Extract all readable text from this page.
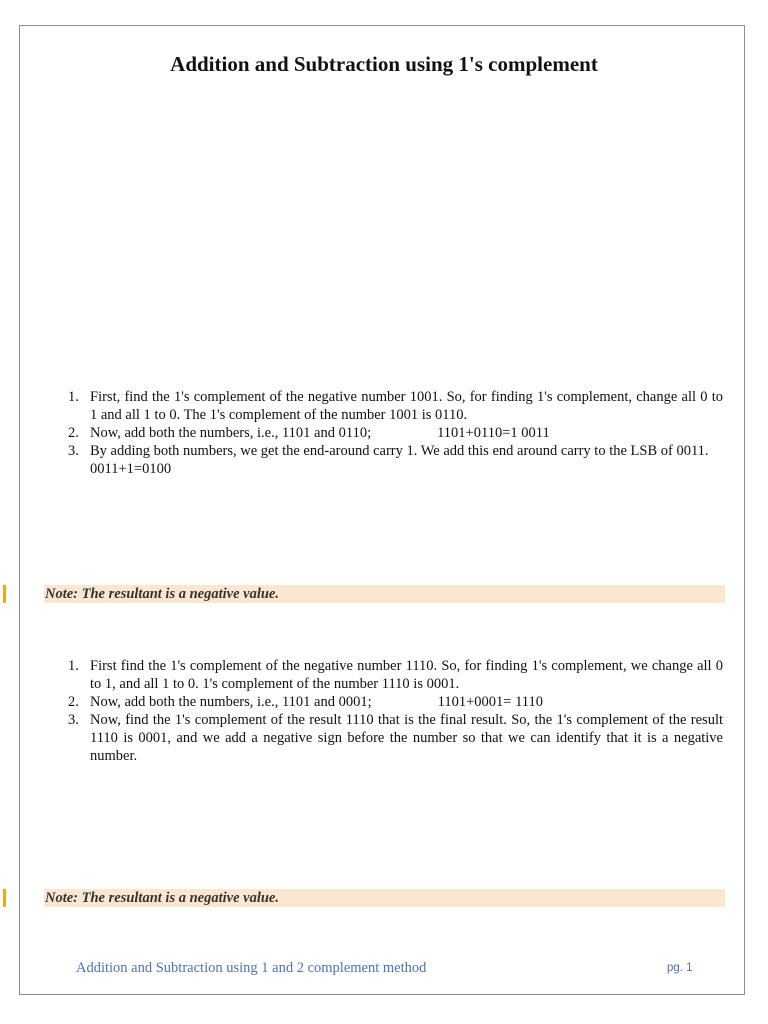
Addition and Subtraction using 1's complement
1. First, find the 1's complement of the negative number 1001. So, for finding 1's complement, change all 0 to 1 and all 1 to 0. The 1's complement of the number 1001 is 0110.
2. Now, add both the numbers, i.e., 1101 and 0110;	1101+0110=1 0011
3. By adding both numbers, we get the end-around carry 1. We add this end around carry to the LSB of 0011.
0011+1=0100
Note: The resultant is a negative value.
1. First find the 1's complement of the negative number 1110. So, for finding 1's complement, we change all 0 to 1, and all 1 to 0. 1's complement of the number 1110 is 0001.
2. Now, add both the numbers, i.e., 1101 and 0001;	1101+0001= 1110
3. Now, find the 1's complement of the result 1110 that is the final result. So, the 1's complement of the result 1110 is 0001, and we add a negative sign before the number so that we can identify that it is a negative number.
Note: The resultant is a negative value.
Addition and Subtraction using 1 and 2 complement method	pg. 1
